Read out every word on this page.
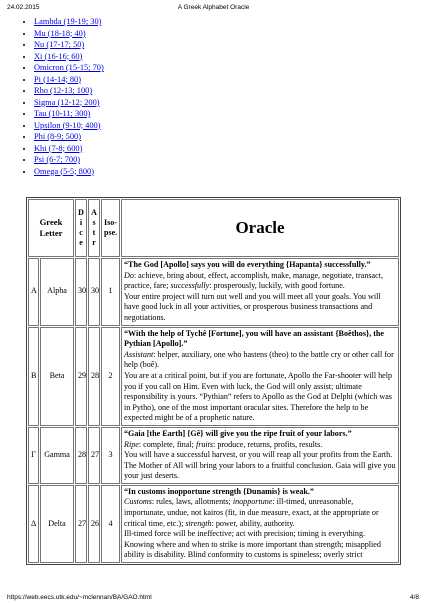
24.02.2015	A Greek Alphabet Oracle
• Lambda (19-19; 30)
• Mu (18-18; 40)
• Nu (17-17; 50)
• Xi (16-16; 60)
• Omicron (15-15; 70)
• Pi (14-14; 80)
• Rho (12-13; 100)
• Sigma (12-12; 200)
• Tau (10-11; 300)
• Upsilon (9-10; 400)
• Phi (8-9; 500)
• Khi (7-8; 600)
• Psi (6-7; 700)
• Omega (5-5; 800)
Greek Letter		D
i
c
e	A
s
t
r	Iso-
pse.	Oracle
A	Alpha	30	30	1	“The God [Apollo] says you will do everything {Hapanta} successfully.”
Do: achieve, bring about, effect, accomplish, make, manage, negotiate, transact, practice, fare; successfully: prosperously, luckily, with good fortune.
Your entire project will turn out well and you will meet all your goals. You will have good luck in all your activities, or prosperous business transactions and negotiations.
B	Beta	29	28	2	“With the help of Tychê [Fortune], you will have an assistant {Boêthos}, the Pythian [Apollo].”
Assistant: helper, auxiliary, one who hastens (theo) to the battle cry or other call for help (boê).
You are at a critical point, but if you are fortunate, Apollo the Far-shooter will help you if you call on Him. Even with luck, the God will only assist; ultimate responsibility is yours. “Pythian” refers to Apollo as the God at Delphi (which was in Pytho), one of the most important oracular sites. Therefore the help to be expected might be of a prophetic nature.
Γ	Gamma	28	27	3	“Gaia [the Earth] {Gê} will give you the ripe fruit of your labors.”
Ripe: complete, final; fruits: produce, returns, profits, results.
You will have a successful harvest, or you will reap all your profits from the Earth. The Mother of All will bring your labors to a fruitful conclusion. Gaia will give you your just deserts.
Δ	Delta	27	26	4	“In customs inopportune strength {Dunamis} is weak.”
Customs: rules, laws, allotments; inopportune: ill-timed, unreasonable, importunate, undue, not kairos (fit, in due measure, exact, at the appropriate or critical time, etc.); strength: power, ability, authority.
Ill-timed force will be ineffective; act with precision; timing is everything. Knowing where and when to strike is more important than strength; misapplied ability is disability. Blind conformity to customs is spineless; overly strict
https://web.eecs.utk.edu/~mclennan/BA/GAO.html	4/8
